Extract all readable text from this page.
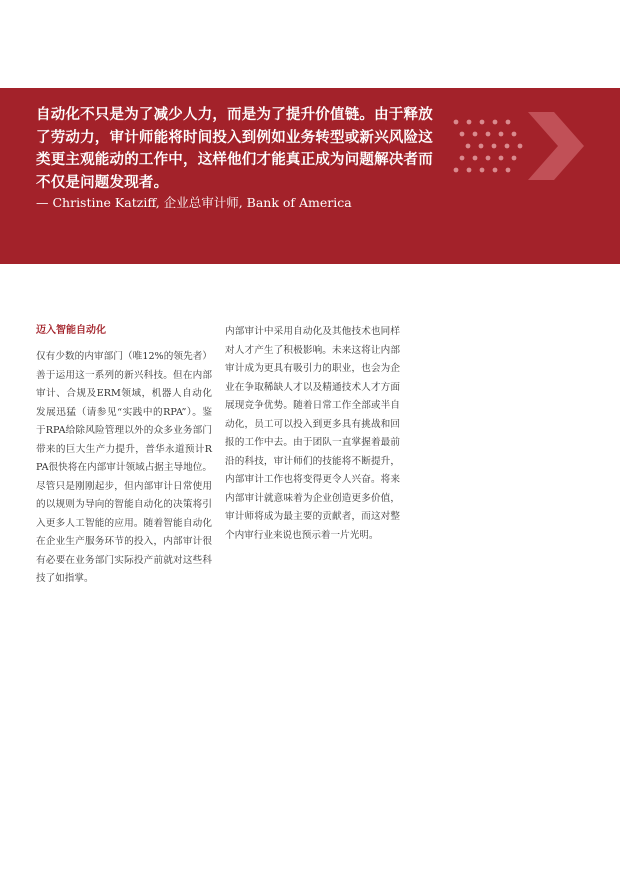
自动化不只是为了减少人力，而是为了提升价值链。由于释放了劳动力，审计师能将时间投入到例如业务转型或新兴风险这类更主观能动的工作中，这样他们才能真正成为问题解决者而不仅是问题发现者。

— Christine Katziff, 企业总审计师, Bank of America

迈入智能自动化

仅有少数的内审部门（唯12%的领先者）善于运用这一系列的新兴科技。但在内部审计、合规及ERM领域，机器人自动化发展迅猛（请参见“实践中的RPA”）。鉴于RPA给除风险管理以外的众多业务部门带来的巨大生产力提升，普华永道预计RPA很快将在内部审计领域占据主导地位。尽管只是刚刚起步，但内部审计日常使用的以规则为导向的智能自动化的决策将引入更多人工智能的应用。随着智能自动化在企业生产服务环节的投入，内部审计很有必要在业务部门实际投产前就对这些科技了如指掌。

内部审计中采用自动化及其他技术也同样对人才产生了积极影响。未来这将让内部审计成为更具有吸引力的职业，也会为企业在争取稀缺人才以及精通技术人才方面展现竞争优势。随着日常工作全部或半自动化，员工可以投入到更多具有挑战和回报的工作中去。由于团队一直掌握着最前沿的科技，审计师们的技能将不断提升，内部审计工作也将变得更令人兴奋。将来内部审计就意味着为企业创造更多价值，审计师将成为最主要的贡献者，而这对整个内审行业来说也预示着一片光明。
